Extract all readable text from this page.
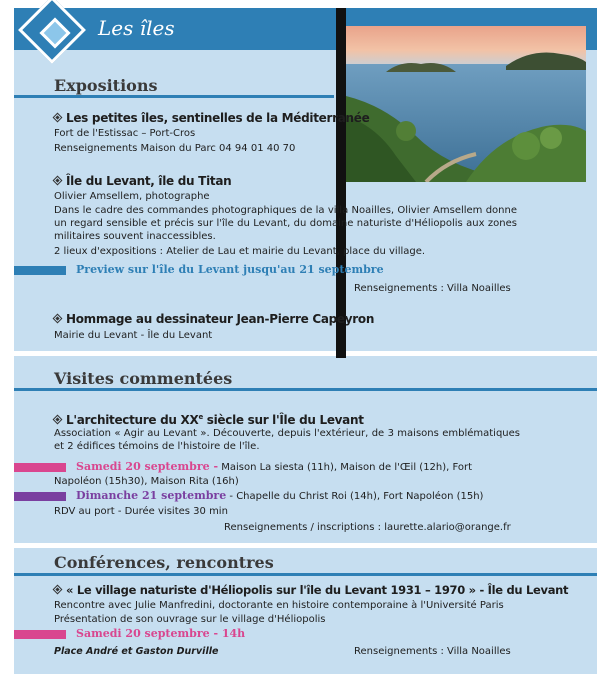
Les îles
Expositions
Les petites îles, sentinelles de la Méditerranée
Fort de l'Estissac – Port-Cros
Renseignements Maison du Parc 04 94 01 40 70
Île du Levant, île du Titan
Olivier Amsellem, photographe
Dans le cadre des commandes photographiques de la villa Noailles, Olivier Amsellem donne un regard sensible et précis sur l'île du Levant, du domaine naturiste d'Héliopolis aux zones militaires souvent inaccessibles.
2 lieux d'expositions : Atelier de Lau et mairie du Levant, place du village.
Preview sur l'île du Levant jusqu'au 21 septembre
Renseignements : Villa Noailles
Hommage au dessinateur Jean-Pierre Capeyron
Mairie du Levant - Île du Levant
Visites commentées
L'architecture du XXe siècle sur l'Île du Levant
Association « Agir au Levant ». Découverte, depuis l'extérieur, de 3 maisons emblématiques et 2 édifices témoins de l'histoire de l'île.
Samedi 20 septembre - Maison La siesta (11h), Maison de l'Œil (12h), Fort
Napoléon (15h30), Maison Rita (16h)
Dimanche 21 septembre - Chapelle du Christ Roi (14h), Fort Napoléon (15h)
RDV au port - Durée visites 30 min
Renseignements / inscriptions : laurette.alario@orange.fr
Conférences, rencontres
« Le village naturiste d'Héliopolis sur l'île du Levant 1931 – 1970 » - Île du Levant
Rencontre avec Julie Manfredini, doctorante en histoire contemporaine à l'Université Paris
Présentation de son ouvrage sur le village d'Héliopolis
Samedi 20 septembre - 14h
Place André et Gaston Durville	Renseignements : Villa Noailles
